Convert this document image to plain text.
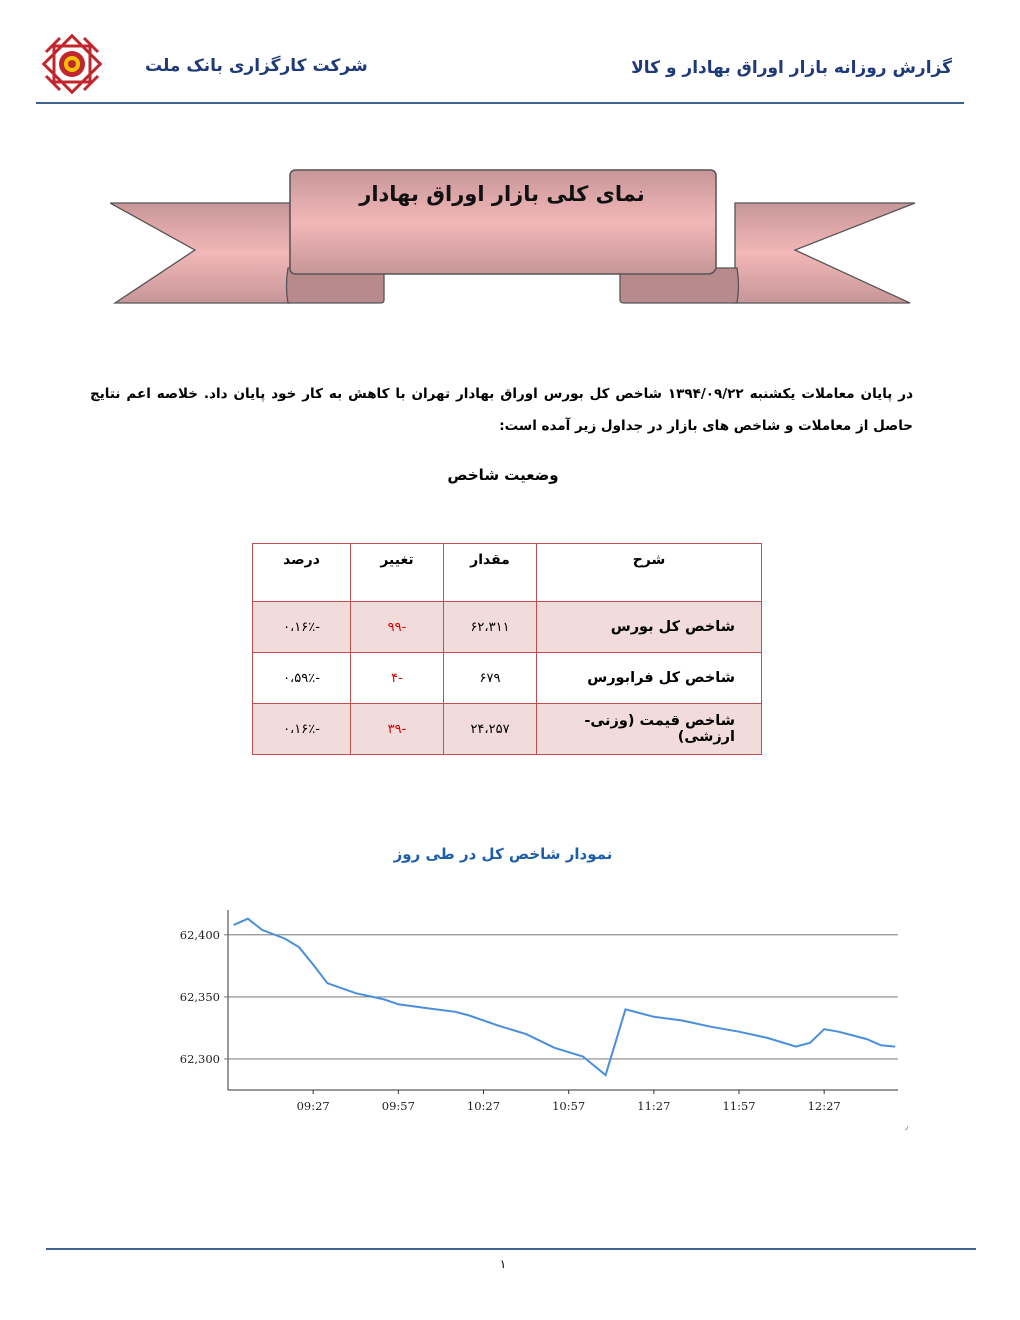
گزارش روزانه بازار اوراق بهادار و کالا
شرکت کارگزاری بانک ملت
نمای کلی بازار اوراق بهادار
در پایان معاملات یکشنبه ۱۳۹۴/۰۹/۲۲ شاخص کل بورس اوراق بهادار تهران با کاهش به کار خود پایان داد. خلاصه اعم نتایج حاصل از معاملات و شاخص های بازار در جداول زیر آمده است:
وضعیت شاخص
شرح	مقدار	تغییر	درصد
شاخص کل بورس	۶۲،۳۱۱	-۹۹	-۰،۱۶٪
شاخص کل فرابورس	۶۷۹	-۴	-۰،۵۹٪
شاخص قیمت (وزنی-ارزشی)	۲۴،۲۵۷	-۳۹	-۰،۱۶٪
نمودار شاخص کل در طی روز
62,300
62,350
62,400
09:27	09:57	10:27	10:57	11:27	11:57	12:27
٫
۱
